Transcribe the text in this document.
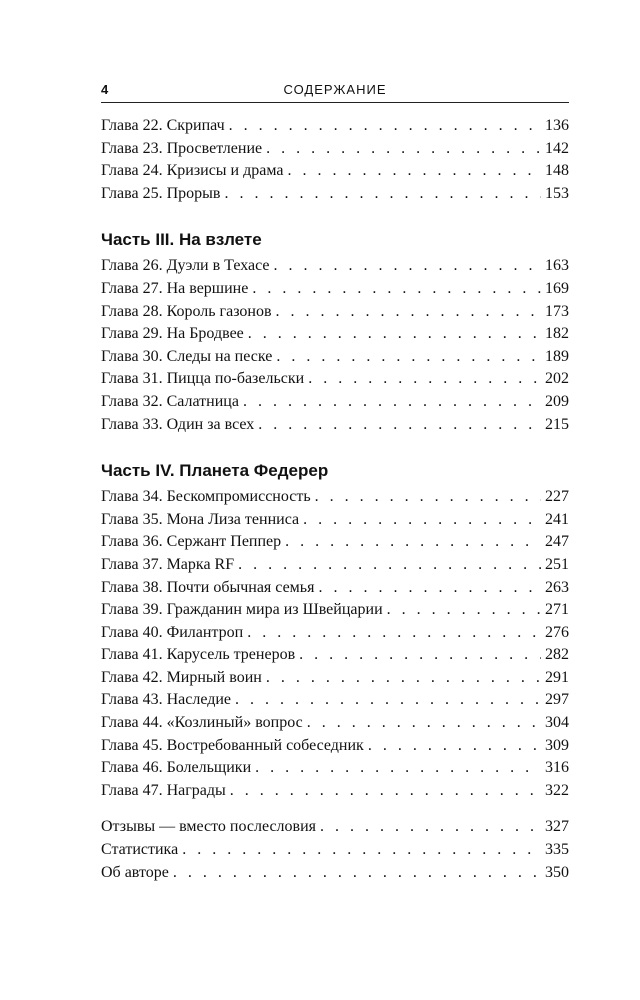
4	СОДЕРЖАНИЕ
Глава 22. Скрипач . . .	136
Глава 23. Просветление . . .	142
Глава 24. Кризисы и драма . . .	148
Глава 25. Прорыв . . .	153
Часть III. На взлете
Глава 26. Дуэли в Техасе . . .	163
Глава 27. На вершине . . .	169
Глава 28. Король газонов . . .	173
Глава 29. На Бродвее . . .	182
Глава 30. Следы на песке . . .	189
Глава 31. Пицца по-базельски . . .	202
Глава 32. Салатница . . .	209
Глава 33. Один за всех . . .	215
Часть IV. Планета Федерер
Глава 34. Бескомпромиссность . . .	227
Глава 35. Мона Лиза тенниса . . .	241
Глава 36. Сержант Пеппер . . .	247
Глава 37. Марка RF . . .	251
Глава 38. Почти обычная семья . . .	263
Глава 39. Гражданин мира из Швейцарии . . .	271
Глава 40. Филантроп . . .	276
Глава 41. Карусель тренеров . . .	282
Глава 42. Мирный воин . . .	291
Глава 43. Наследие . . .	297
Глава 44. «Козлиный» вопрос . . .	304
Глава 45. Востребованный собеседник . . .	309
Глава 46. Болельщики . . .	316
Глава 47. Награды . . .	322
Отзывы — вместо послесловия . . .	327
Статистика . . .	335
Об авторе . . .	350
